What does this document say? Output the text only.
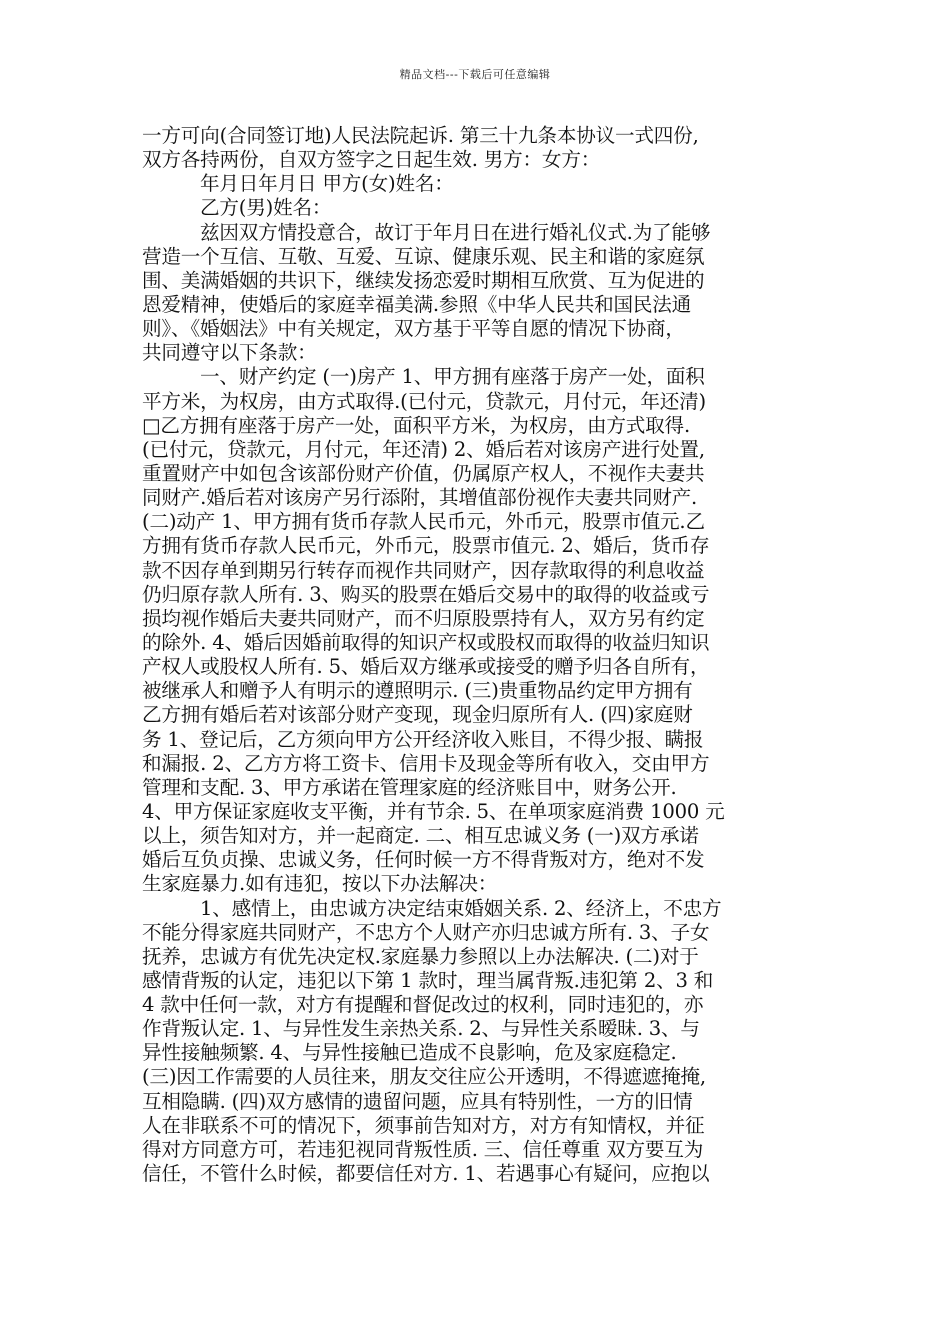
精品文档---下载后可任意编辑
一方可向(合同签订地)人民法院起诉. 第三十九条本协议一式四份,
双方各持两份，自双方签字之日起生效. 男方：女方：
年月日年月日 甲方(女)姓名：
乙方(男)姓名：
兹因双方情投意合，故订于年月日在进行婚礼仪式.为了能够
营造一个互信、互敬、互爱、互谅、健康乐观、民主和谐的家庭氛
围、美满婚姻的共识下，继续发扬恋爱时期相互欣赏、互为促进的
恩爱精神，使婚后的家庭幸福美满.参照《中华人民共和国民法通
则》、《婚姻法》中有关规定，双方基于平等自愿的情况下协商，
共同遵守以下条款：
一、财产约定 (一)房产 1、甲方拥有座落于房产一处，面积
平方米，为权房，由方式取得.(已付元，贷款元，月付元，年还清)
□乙方拥有座落于房产一处，面积平方米，为权房，由方式取得.
(已付元，贷款元，月付元，年还清) 2、婚后若对该房产进行处置,
重置财产中如包含该部份财产价值，仍属原产权人，不视作夫妻共
同财产.婚后若对该房产另行添附，其增值部份视作夫妻共同财产.
(二)动产 1、甲方拥有货币存款人民币元，外币元，股票市值元.乙
方拥有货币存款人民币元，外币元，股票市值元. 2、婚后，货币存
款不因存单到期另行转存而视作共同财产，因存款取得的利息收益
仍归原存款人所有. 3、购买的股票在婚后交易中的取得的收益或亏
损均视作婚后夫妻共同财产，而不归原股票持有人，双方另有约定
的除外. 4、婚后因婚前取得的知识产权或股权而取得的收益归知识
产权人或股权人所有. 5、婚后双方继承或接受的赠予归各自所有，
被继承人和赠予人有明示的遵照明示. (三)贵重物品约定甲方拥有
乙方拥有婚后若对该部分财产变现，现金归原所有人. (四)家庭财
务 1、登记后，乙方须向甲方公开经济收入账目，不得少报、瞒报
和漏报. 2、乙方方将工资卡、信用卡及现金等所有收入，交由甲方
管理和支配. 3、甲方承诺在管理家庭的经济账目中，财务公开.
4、甲方保证家庭收支平衡，并有节余. 5、在单项家庭消费 1000 元
以上，须告知对方，并一起商定. 二、相互忠诚义务 (一)双方承诺
婚后互负贞操、忠诚义务，任何时候一方不得背叛对方，绝对不发
生家庭暴力.如有违犯，按以下办法解决：
1、感情上，由忠诚方决定结束婚姻关系. 2、经济上，不忠方
不能分得家庭共同财产，不忠方个人财产亦归忠诚方所有. 3、子女
抚养，忠诚方有优先决定权.家庭暴力参照以上办法解决. (二)对于
感情背叛的认定，违犯以下第 1 款时，理当属背叛.违犯第 2、3 和
4 款中任何一款，对方有提醒和督促改过的权利，同时违犯的，亦
作背叛认定. 1、与异性发生亲热关系. 2、与异性关系暧昧. 3、与
异性接触频繁. 4、与异性接触已造成不良影响，危及家庭稳定.
(三)因工作需要的人员往来，朋友交往应公开透明，不得遮遮掩掩,
互相隐瞒. (四)双方感情的遗留问题，应具有特别性，一方的旧情
人在非联系不可的情况下，须事前告知对方，对方有知情权，并征
得对方同意方可，若违犯视同背叛性质. 三、信任尊重 双方要互为
信任，不管什么时候，都要信任对方. 1、若遇事心有疑问，应抱以
